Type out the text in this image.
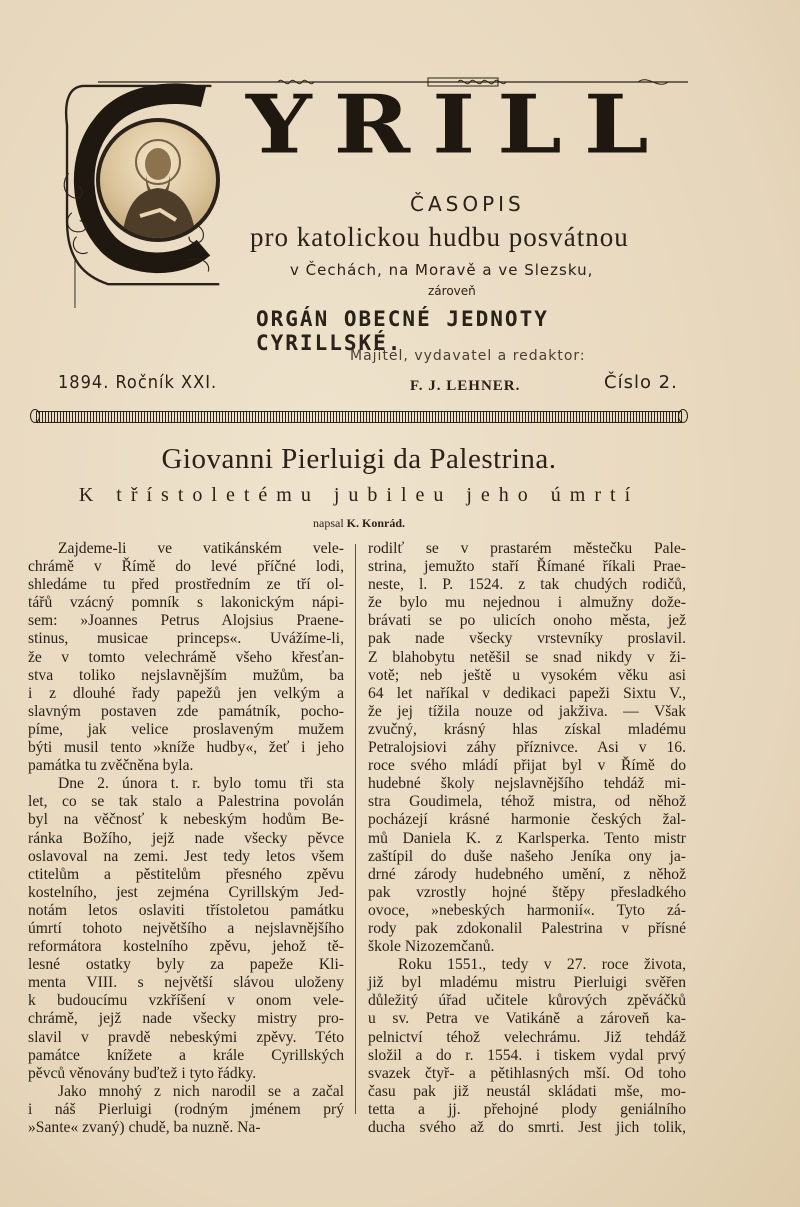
YRILL
ČASOPIS
pro katolickou hudbu posvátnou
v Čechách, na Moravě a ve Slezsku,
zároveň
ORGÁN OBECNÉ JEDNOTY CYRILLSKÉ.
Majitel, vydavatel a redaktor:
1894. Ročník XXI.	F. J. LEHNER.	Číslo 2.
Giovanni Pierluigi da Palestrina.
K třístoletému jubileu jeho úmrtí
napsal K. Konrád.
Zajdeme-li ve vatikánském vele-
chrámě v Římě do levé příčné lodi,
shledáme tu před prostředním ze tří ol-
tářů vzácný pomník s lakonickým nápi-
sem: »Joannes Petrus Alojsius Praene-
stinus, musicae princeps«. Uvážíme-li,
že v tomto velechrámě všeho křesťan-
stva toliko nejslavnějším mužům, ba
i z dlouhé řady papežů jen velkým a
slavným postaven zde památník, pocho-
píme, jak velice proslaveným mužem
býti musil tento »kníže hudby«, žeť i jeho
památka tu zvěčněna byla.
Dne 2. února t. r. bylo tomu tři sta
let, co se tak stalo a Palestrina povolán
byl na věčnosť k nebeským hodům Be-
ránka Božího, jejž nade všecky pěvce
oslavoval na zemi. Jest tedy letos všem
ctitelům a pěstitelům přesného zpěvu
kostelního, jest zejména Cyrillským Jed-
notám letos oslaviti třístoletou památku
úmrtí tohoto největšího a nejslavnějšího
reformátora kostelního zpěvu, jehož tě-
lesné ostatky byly za papeže Kli-
menta VIII. s největší slávou uloženy
k budoucímu vzkříšení v onom vele-
chrámě, jejž nade všecky mistry pro-
slavil v pravdě nebeskými zpěvy. Této
památce knížete a krále Cyrillských
pěvců věnovány buďtež i tyto řádky.
Jako mnohý z nich narodil se a začal
i náš Pierluigi (rodným jménem prý
»Sante« zvaný) chudě, ba nuzně. Na-
rodilť se v prastarém městečku Pale-
strina, jemužto staří Římané říkali Prae-
neste, l. P. 1524. z tak chudých rodičů,
že bylo mu nejednou i almužny dože-
brávati se po ulicích onoho města, jež
pak nade všecky vrstevníky proslavil.
Z blahobytu netěšil se snad nikdy v ži-
votě; neb ještě u vysokém věku asi
64 let naříkal v dedikaci papeži Sixtu V.,
že jej tížila nouze od jakživa. — Však
zvučný, krásný hlas získal mladému
Petralojsiovi záhy příznivce. Asi v 16.
roce svého mládí přijat byl v Římě do
hudebné školy nejslavnějšího tehdáž mi-
stra Goudimela, téhož mistra, od něhož
pocházejí krásné harmonie českých žal-
mů Daniela K. z Karlsperka. Tento mistr
zaštípil do duše našeho Jeníka ony ja-
drné zárody hudebného umění, z něhož
pak vzrostly hojné štěpy přesladkého
ovoce, »nebeských harmonií«. Tyto zá-
rody pak zdokonalil Palestrina v přísné
škole Nizozemčanů.
Roku 1551., tedy v 27. roce života,
již byl mladému mistru Pierluigi svěřen
důležitý úřad učitele kůrových zpěváčků
u sv. Petra ve Vatikáně a zároveň ka-
pelnictví téhož velechrámu. Již tehdáž
složil a do r. 1554. i tiskem vydal prvý
svazek čtyř- a pětihlasných mší. Od toho
času pak již neustál skládati mše, mo-
tetta a jj. přehojné plody geniálního
ducha svého až do smrti. Jest jich tolik,
